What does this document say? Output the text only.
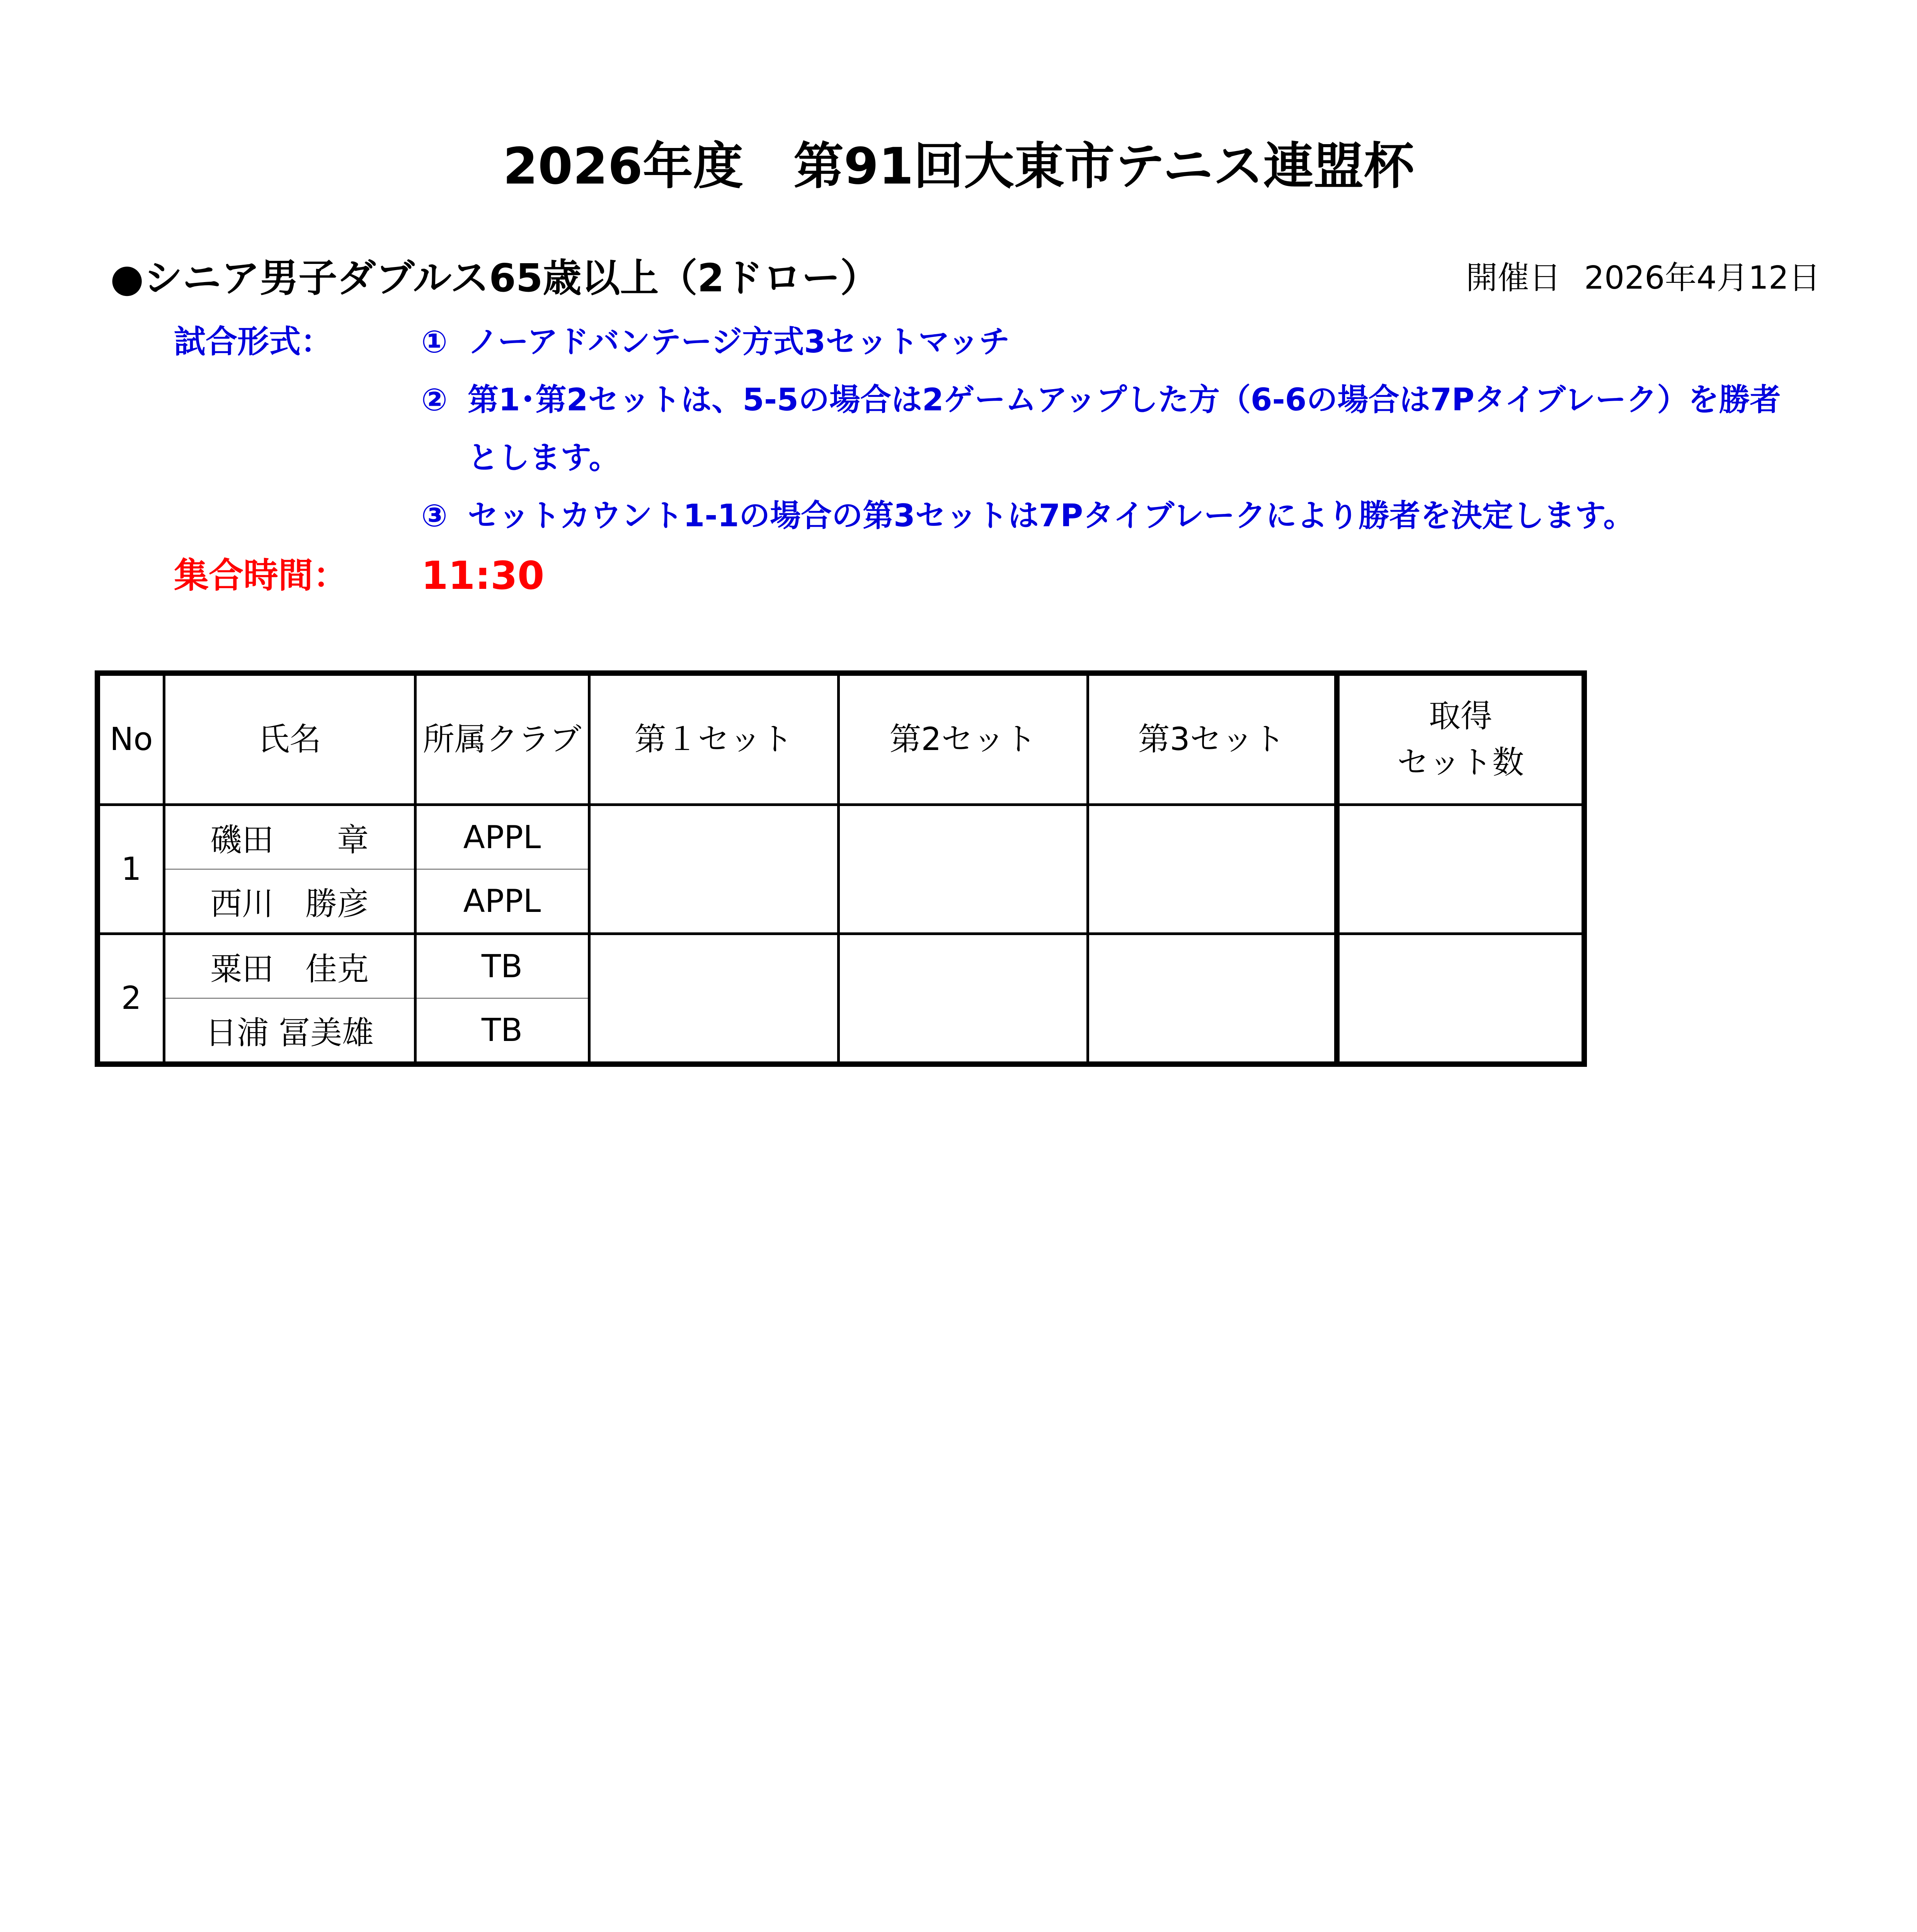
2026年度　第91回大東市テニス連盟杯
●シニア男子ダブルス65歳以上（2ドロー）	開催日 2026年4月12日
試合形式：	① ノーアドバンテージ方式3セットマッチ
② 第1･第2セットは、5-5の場合は2ゲームアップした方（6-6の場合は7Pタイブレーク）を勝者
とします。
③ セットカウント1-1の場合の第3セットは7Pタイブレークにより勝者を決定します。
集合時間： 11:30
No	氏名	所属クラブ	第１セット	第2セット	第3セット	取得
セット数

1	磯田　　章	APPL				
	西川　勝彦	APPL				
2	粟田　佳克	TB				
	日浦 冨美雄	TB				
